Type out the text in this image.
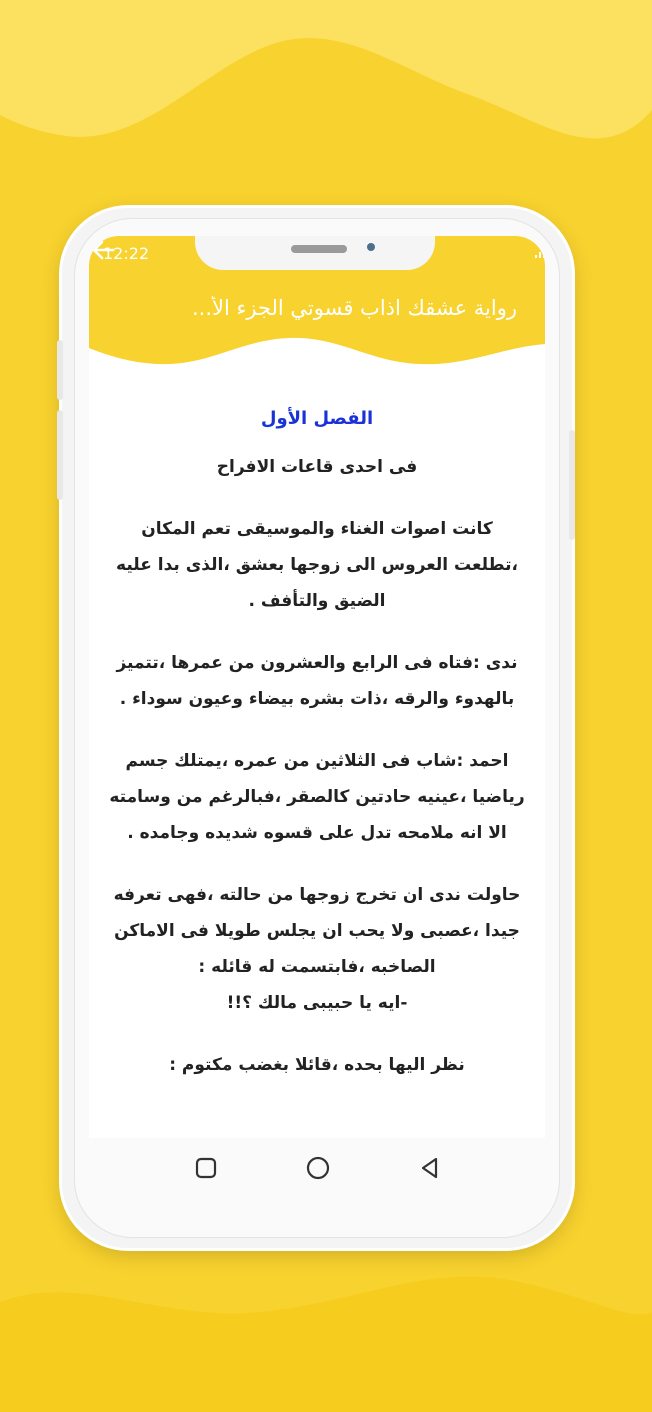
12:22
رواية عشقك اذاب قسوتي الجزء الأ...
الفصل الأول
فى احدى قاعات الافراح
كانت اصوات الغناء والموسيقى تعم المكان
،تطلعت العروس الى زوجها بعشق ،الذى بدا عليه
الضيق والتأفف .
ندى :فتاه فى الرابع والعشرون من عمرها ،تتميز
بالهدوء والرقه ،ذات بشره بيضاء وعيون سوداء .
احمد :شاب فى الثلاثين من عمره ،يمتلك جسم
رياضيا ،عينيه حادتين كالصقر ،فبالرغم من وسامته
الا انه ملامحه تدل على قسوه شديده وجامده .
حاولت ندى ان تخرج زوجها من حالته ،فهى تعرفه
جيدا ،عصبى ولا يحب ان يجلس طويلا فى الاماكن
الصاخبه ،فابتسمت له قائله :
-ايه يا حبيبى مالك ؟!!
نظر اليها بحده ،قائلا بغضب مكتوم :
